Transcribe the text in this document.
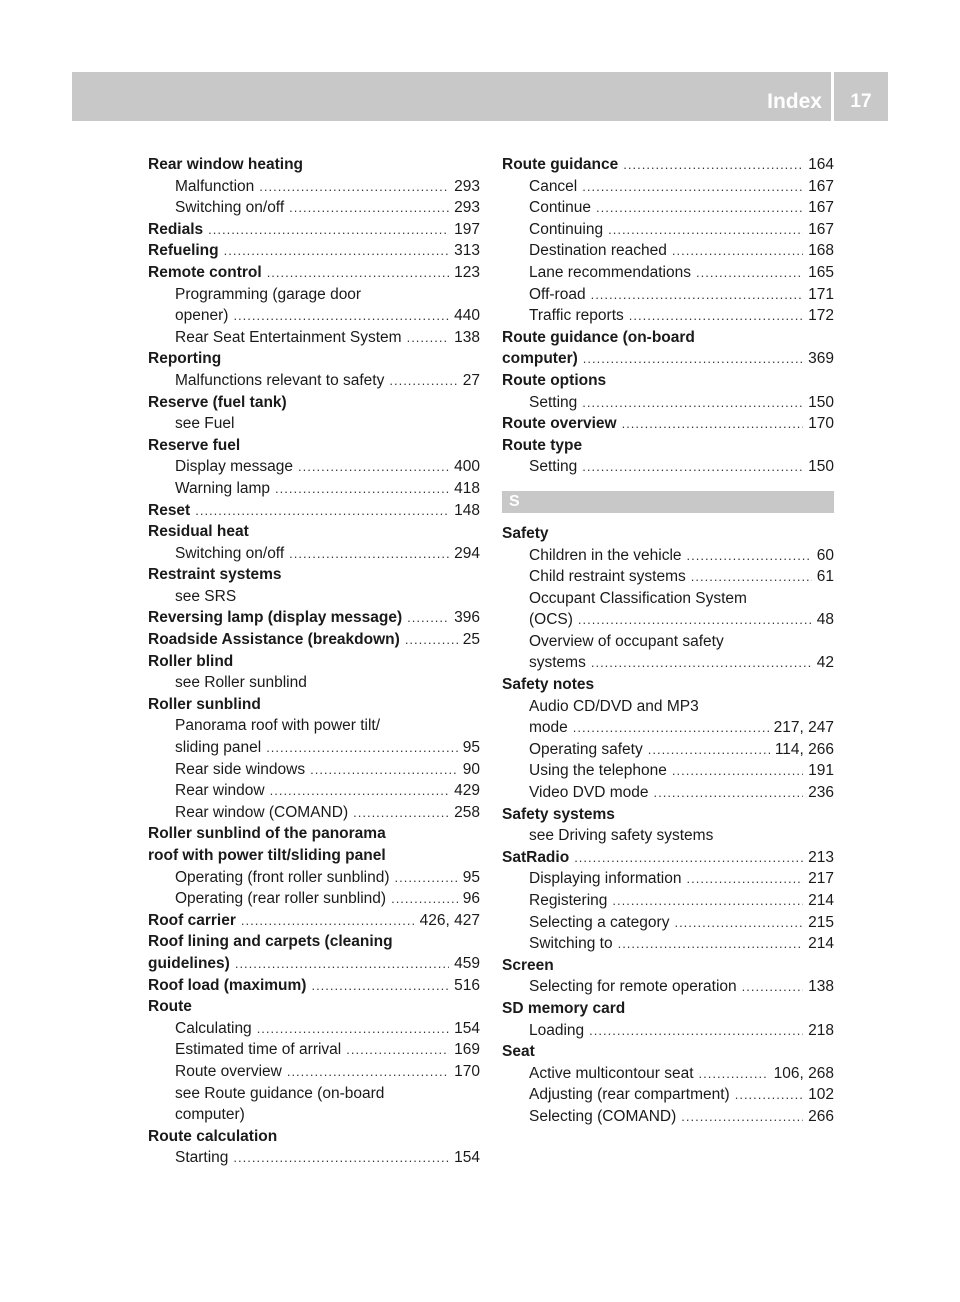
Index	17
Rear window heating
Malfunction .....	293
Switching on/off .....	293
Redials .....	197
Refueling .....	313
Remote control .....	123
Programming (garage door
opener) .....	440
Rear Seat Entertainment System .....	138
Reporting
Malfunctions relevant to safety .....	27
Reserve (fuel tank)
see Fuel
Reserve fuel
Display message .....	400
Warning lamp .....	418
Reset .....	148
Residual heat
Switching on/off .....	294
Restraint systems
see SRS
Reversing lamp (display message) .....	396
Roadside Assistance (breakdown) .....	25
Roller blind
see Roller sunblind
Roller sunblind
Panorama roof with power tilt/
sliding panel .....	95
Rear side windows .....	90
Rear window .....	429
Rear window (COMAND) .....	258
Roller sunblind of the panorama
roof with power tilt/sliding panel
Operating (front roller sunblind) .....	95
Operating (rear roller sunblind) .....	96
Roof carrier .....	426, 427
Roof lining and carpets (cleaning
guidelines) .....	459
Roof load (maximum) .....	516
Route
Calculating .....	154
Estimated time of arrival .....	169
Route overview .....	170
see Route guidance (on-board
computer)
Route calculation
Starting .....	154
Route guidance .....	164
Cancel .....	167
Continue .....	167
Continuing .....	167
Destination reached .....	168
Lane recommendations .....	165
Off-road .....	171
Traffic reports .....	172
Route guidance (on-board
computer) .....	369
Route options
Setting .....	150
Route overview .....	170
Route type
Setting .....	150
S
Safety
Children in the vehicle .....	60
Child restraint systems .....	61
Occupant Classification System
(OCS) .....	48
Overview of occupant safety
systems .....	42
Safety notes
Audio CD/DVD and MP3
mode .....	217, 247
Operating safety .....	114, 266
Using the telephone .....	191
Video DVD mode .....	236
Safety systems
see Driving safety systems
SatRadio .....	213
Displaying information .....	217
Registering .....	214
Selecting a category .....	215
Switching to .....	214
Screen
Selecting for remote operation .....	138
SD memory card
Loading .....	218
Seat
Active multicontour seat .....	106, 268
Adjusting (rear compartment) .....	102
Selecting (COMAND) .....	266
